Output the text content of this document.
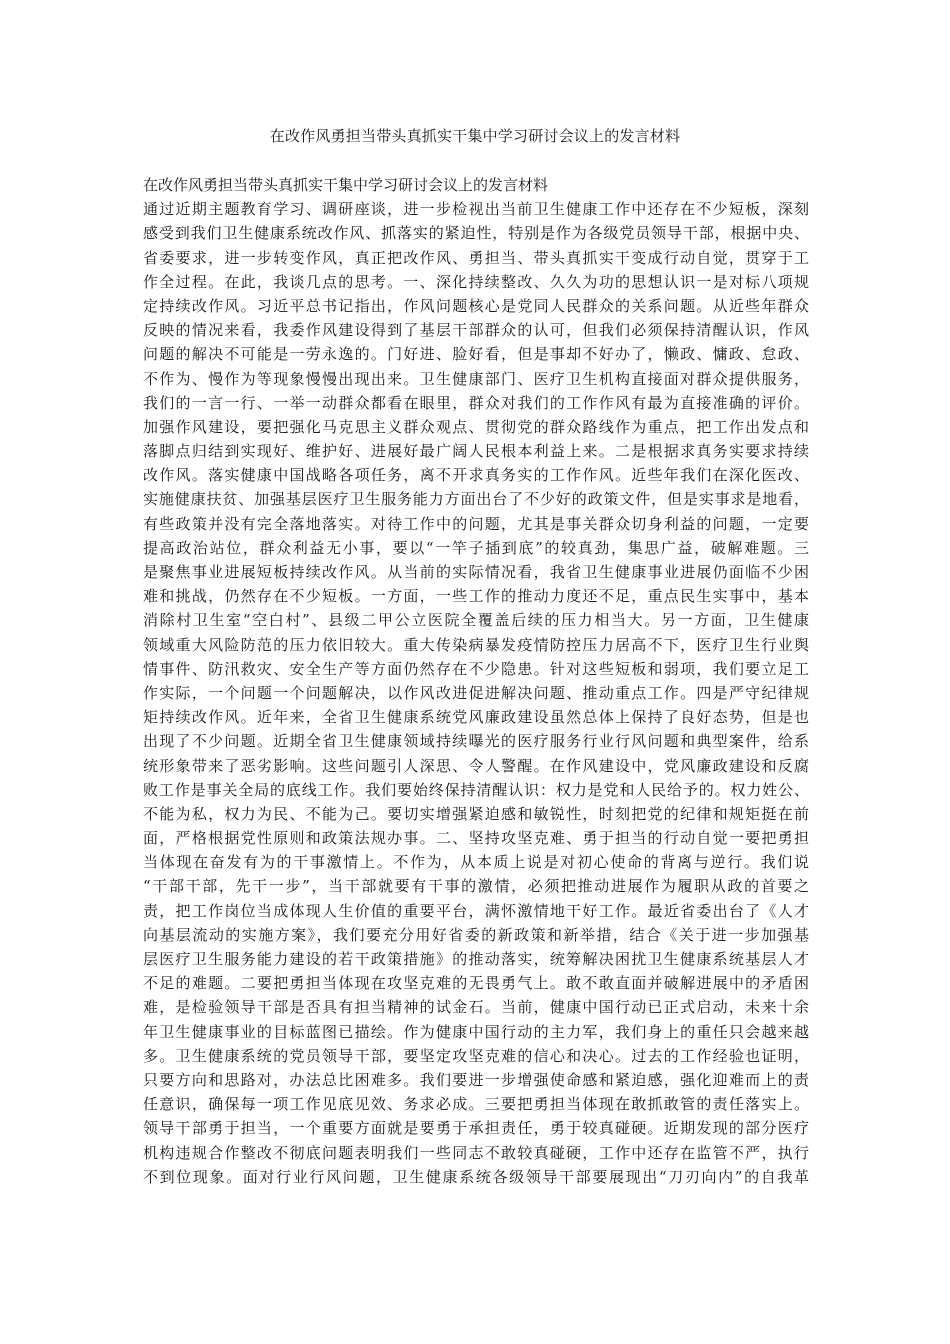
在改作风勇担当带头真抓实干集中学习研讨会议上的发言材料
在改作风勇担当带头真抓实干集中学习研讨会议上的发言材料
通过近期主题教育学习、调研座谈，进一步检视出当前卫生健康工作中还存在不少短板，深刻
感受到我们卫生健康系统改作风、抓落实的紧迫性，特别是作为各级党员领导干部，根据中央、
省委要求，进一步转变作风，真正把改作风、勇担当、带头真抓实干变成行动自觉，贯穿于工
作全过程。在此，我谈几点的思考。一、深化持续整改、久久为功的思想认识一是对标八项规
定持续改作风。习近平总书记指出，作风问题核心是党同人民群众的关系问题。从近些年群众
反映的情况来看，我委作风建设得到了基层干部群众的认可，但我们必须保持清醒认识，作风
问题的解决不可能是一劳永逸的。门好进、脸好看，但是事却不好办了，懒政、慵政、怠政、
不作为、慢作为等现象慢慢出现出来。卫生健康部门、医疗卫生机构直接面对群众提供服务，
我们的一言一行、一举一动群众都看在眼里，群众对我们的工作作风有最为直接准确的评价。
加强作风建设，要把强化马克思主义群众观点、贯彻党的群众路线作为重点，把工作出发点和
落脚点归结到实现好、维护好、进展好最广阔人民根本利益上来。二是根据求真务实要求持续
改作风。落实健康中国战略各项任务，离不开求真务实的工作作风。近些年我们在深化医改、
实施健康扶贫、加强基层医疗卫生服务能力方面出台了不少好的政策文件，但是实事求是地看，
有些政策并没有完全落地落实。对待工作中的问题，尤其是事关群众切身利益的问题，一定要
提高政治站位，群众利益无小事，要以“一竿子插到底”的较真劲，集思广益，破解难题。三
是聚焦事业进展短板持续改作风。从当前的实际情况看，我省卫生健康事业进展仍面临不少困
难和挑战，仍然存在不少短板。一方面，一些工作的推动力度还不足，重点民生实事中，基本
消除村卫生室“空白村”、县级二甲公立医院全覆盖后续的压力相当大。另一方面，卫生健康
领域重大风险防范的压力依旧较大。重大传染病暴发疫情防控压力居高不下，医疗卫生行业舆
情事件、防汛救灾、安全生产等方面仍然存在不少隐患。针对这些短板和弱项，我们要立足工
作实际，一个问题一个问题解决，以作风改进促进解决问题、推动重点工作。四是严守纪律规
矩持续改作风。近年来，全省卫生健康系统党风廉政建设虽然总体上保持了良好态势，但是也
出现了不少问题。近期全省卫生健康领域持续曝光的医疗服务行业行风问题和典型案件，给系
统形象带来了恶劣影响。这些问题引人深思、令人警醒。在作风建设中，党风廉政建设和反腐
败工作是事关全局的底线工作。我们要始终保持清醒认识：权力是党和人民给予的。权力姓公、
不能为私，权力为民、不能为己。要切实增强紧迫感和敏锐性，时刻把党的纪律和规矩挺在前
面，严格根据党性原则和政策法规办事。二、坚持攻坚克难、勇于担当的行动自觉一要把勇担
当体现在奋发有为的干事激情上。不作为，从本质上说是对初心使命的背离与逆行。我们说
“干部干部，先干一步”，当干部就要有干事的激情，必须把推动进展作为履职从政的首要之
责，把工作岗位当成体现人生价值的重要平台，满怀激情地干好工作。最近省委出台了《人才
向基层流动的实施方案》，我们要充分用好省委的新政策和新举措，结合《关于进一步加强基
层医疗卫生服务能力建设的若干政策措施》的推动落实，统筹解决困扰卫生健康系统基层人才
不足的难题。二要把勇担当体现在攻坚克难的无畏勇气上。敢不敢直面并破解进展中的矛盾困
难，是检验领导干部是否具有担当精神的试金石。当前，健康中国行动已正式启动，未来十余
年卫生健康事业的目标蓝图已描绘。作为健康中国行动的主力军，我们身上的重任只会越来越
多。卫生健康系统的党员领导干部，要坚定攻坚克难的信心和决心。过去的工作经验也证明，
只要方向和思路对，办法总比困难多。我们要进一步增强使命感和紧迫感，强化迎难而上的责
任意识，确保每一项工作见底见效、务求必成。三要把勇担当体现在敢抓敢管的责任落实上。
领导干部勇于担当，一个重要方面就是要勇于承担责任，勇于较真碰硬。近期发现的部分医疗
机构违规合作整改不彻底问题表明我们一些同志不敢较真碰硬，工作中还存在监管不严，执行
不到位现象。面对行业行风问题，卫生健康系统各级领导干部要展现出“刀刃向内”的自我革
